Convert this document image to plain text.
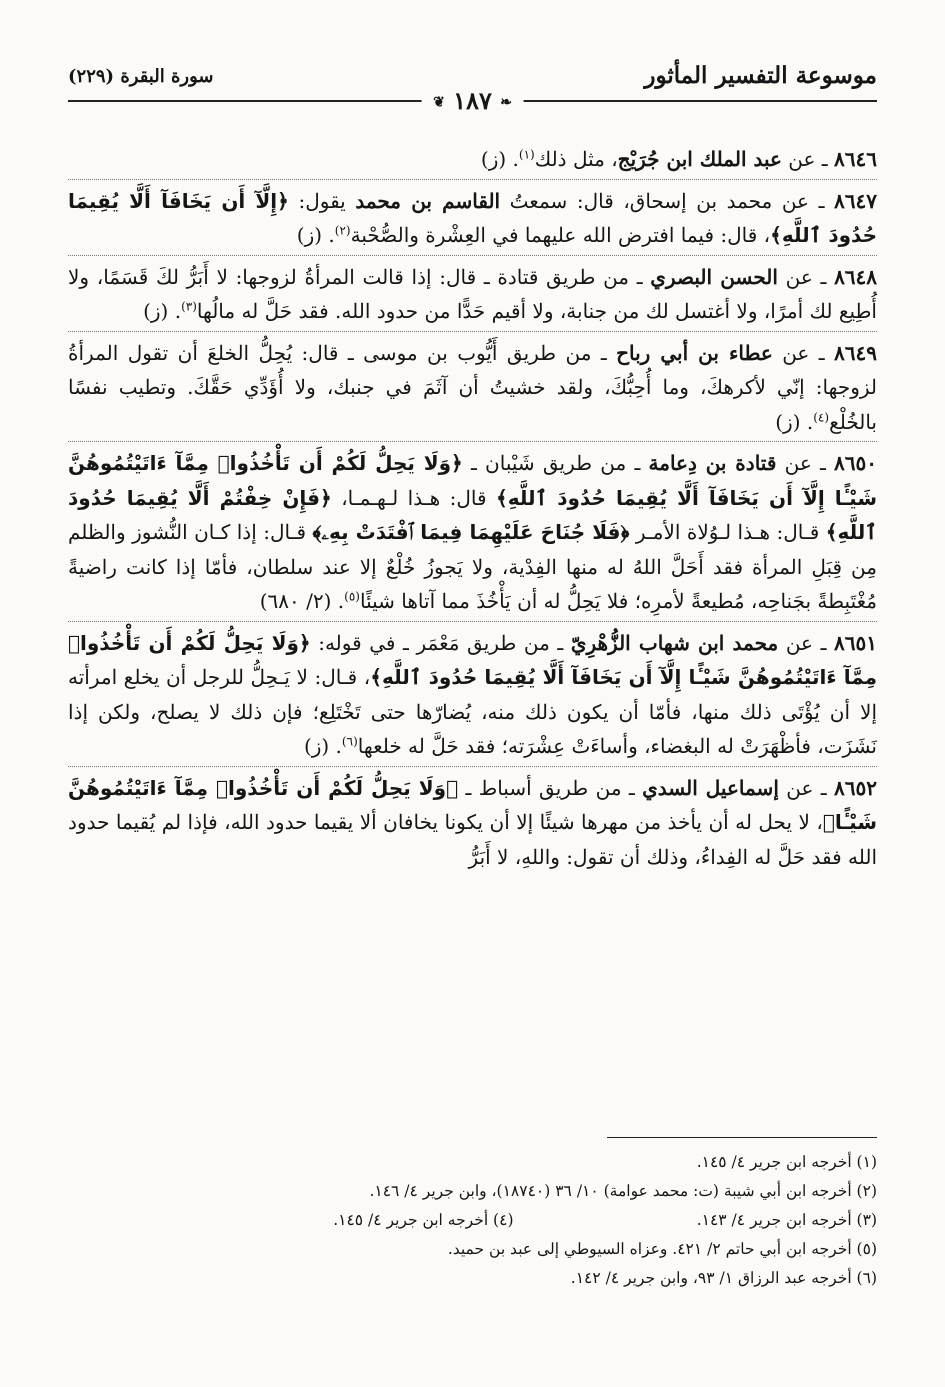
موسوعة التفسير المأثور
سورة البقرة (٢٢٩)
❦ ١٨٧ ❧
٨٦٤٦ ـ عن عبد الملك ابن جُرَيْج، مثل ذلك$^{(١)}$. (ز)
٨٦٤٧ ـ عن محمد بن إسحاق، قال: سمعتُ القاسم بن محمد يقول: ﴿إِلَّآ أَن يَخَافَآ أَلَّا يُقِيمَا حُدُودَ ٱللَّهِ﴾، قال: فيما افترض الله عليهما في العِشْرة والصُّحْبة$^{(٢)}$. (ز)
٨٦٤٨ ـ عن الحسن البصري ـ من طريق قتادة ـ قال: إذا قالت المرأةُ لزوجها: لا أَبَرُّ لكَ قَسَمًا، ولا أُطِيع لك أمرًا، ولا أغتسل لك من جنابة، ولا أقيم حَدًّا من حدود الله. فقد حَلَّ له مالُها$^{(٣)}$. (ز)
٨٦٤٩ ـ عن عطاء بن أبي رباح ـ من طريق أَيُّوب بن موسى ـ قال: يُحِلُّ الخلعَ أن تقول المرأةُ لزوجها: إنّي لأكرهكَ، وما أُحِبُّكَ، ولقد خشيتُ أن آثَمَ في جنبك، ولا أُؤَدِّي حَقَّكَ. وتطيب نفسًا بالخُلْع$^{(٤)}$. (ز)
٨٦٥٠ ـ عن قتادة بن دِعامة ـ من طريق شَيْبان ـ ﴿وَلَا يَحِلُّ لَكُمْ أَن تَأْخُذُوا۟ مِمَّآ ءَاتَيْتُمُوهُنَّ شَيْـًٔا إِلَّآ أَن يَخَافَآ أَلَّا يُقِيمَا حُدُودَ ٱللَّهِ﴾ قال: هـذا لـهـمـا، ﴿فَإِنْ خِفْتُمْ أَلَّا يُقِيمَا حُدُودَ ٱللَّهِ﴾ قـال: هـذا لـوُلاة الأمـر ﴿فَلَا جُنَاحَ عَلَيْهِمَا فِيمَا ٱفْتَدَتْ بِهِۦ﴾ قـال: إذا كـان النُّشوز والظلم مِن قِبَلِ المرأة فقد أَحَلَّ اللهُ له منها الفِدْية، ولا يَجوزُ خُلْعٌ إلا عند سلطان، فأمّا إذا كانت راضيةً مُغْتَبِطةً بجَناحِه، مُطيعةً لأمرِه؛ فلا يَحِلُّ له أن يَأْخُذَ مما آتاها شيئًا$^{(٥)}$. (٢/ ٦٨٠)
٨٦٥١ ـ عن محمد ابن شهاب الزُّهْرِيّ ـ من طريق مَعْمَر ـ في قوله: ﴿وَلَا يَحِلُّ لَكُمْ أَن تَأْخُذُوا۟ مِمَّآ ءَاتَيْتُمُوهُنَّ شَيْـًٔا إِلَّآ أَن يَخَافَآ أَلَّا يُقِيمَا حُدُودَ ٱللَّهِ﴾، قـال: لا يَـحِلُّ للرجل أن يخلع امرأته إلا أن يُؤْتَى ذلك منها، فأمّا أن يكون ذلك منه، يُضارّها حتى تَخْتَلِع؛ فإن ذلك لا يصلح، ولكن إذا نَشَزَت، فأظْهَرَتْ له البغضاء، وأساءَتْ عِشْرَته؛ فقد حَلَّ له خلعها$^{(٦)}$. (ز)
٨٦٥٢ ـ عن إسماعيل السدي ـ من طريق أسباط ـ ﴿وَلَا يَحِلُّ لَكُمْ أَن تَأْخُذُوا۟ مِمَّآ ءَاتَيْتُمُوهُنَّ شَيْـًٔا﴾، لا يحل له أن يأخذ من مهرها شيئًا إلا أن يكونا يخافان ألا يقيما حدود الله، فإذا لم يُقيما حدود الله فقد حَلَّ له الفِداءُ، وذلك أن تقول: واللهِ، لا أَبَرُّ
(١) أخرجه ابن جرير ٤/ ١٤٥.
(٢) أخرجه ابن أبي شيبة (ت: محمد عوامة) ١٠/ ٣٦ (١٨٧٤٠)، وابن جرير ٤/ ١٤٦.
(٣) أخرجه ابن جرير ٤/ ١٤٣.
(٤) أخرجه ابن جرير ٤/ ١٤٥.
(٥) أخرجه ابن أبي حاتم ٢/ ٤٢١. وعزاه السيوطي إلى عبد بن حميد.
(٦) أخرجه عبد الرزاق ١/ ٩٣، وابن جرير ٤/ ١٤٢.
